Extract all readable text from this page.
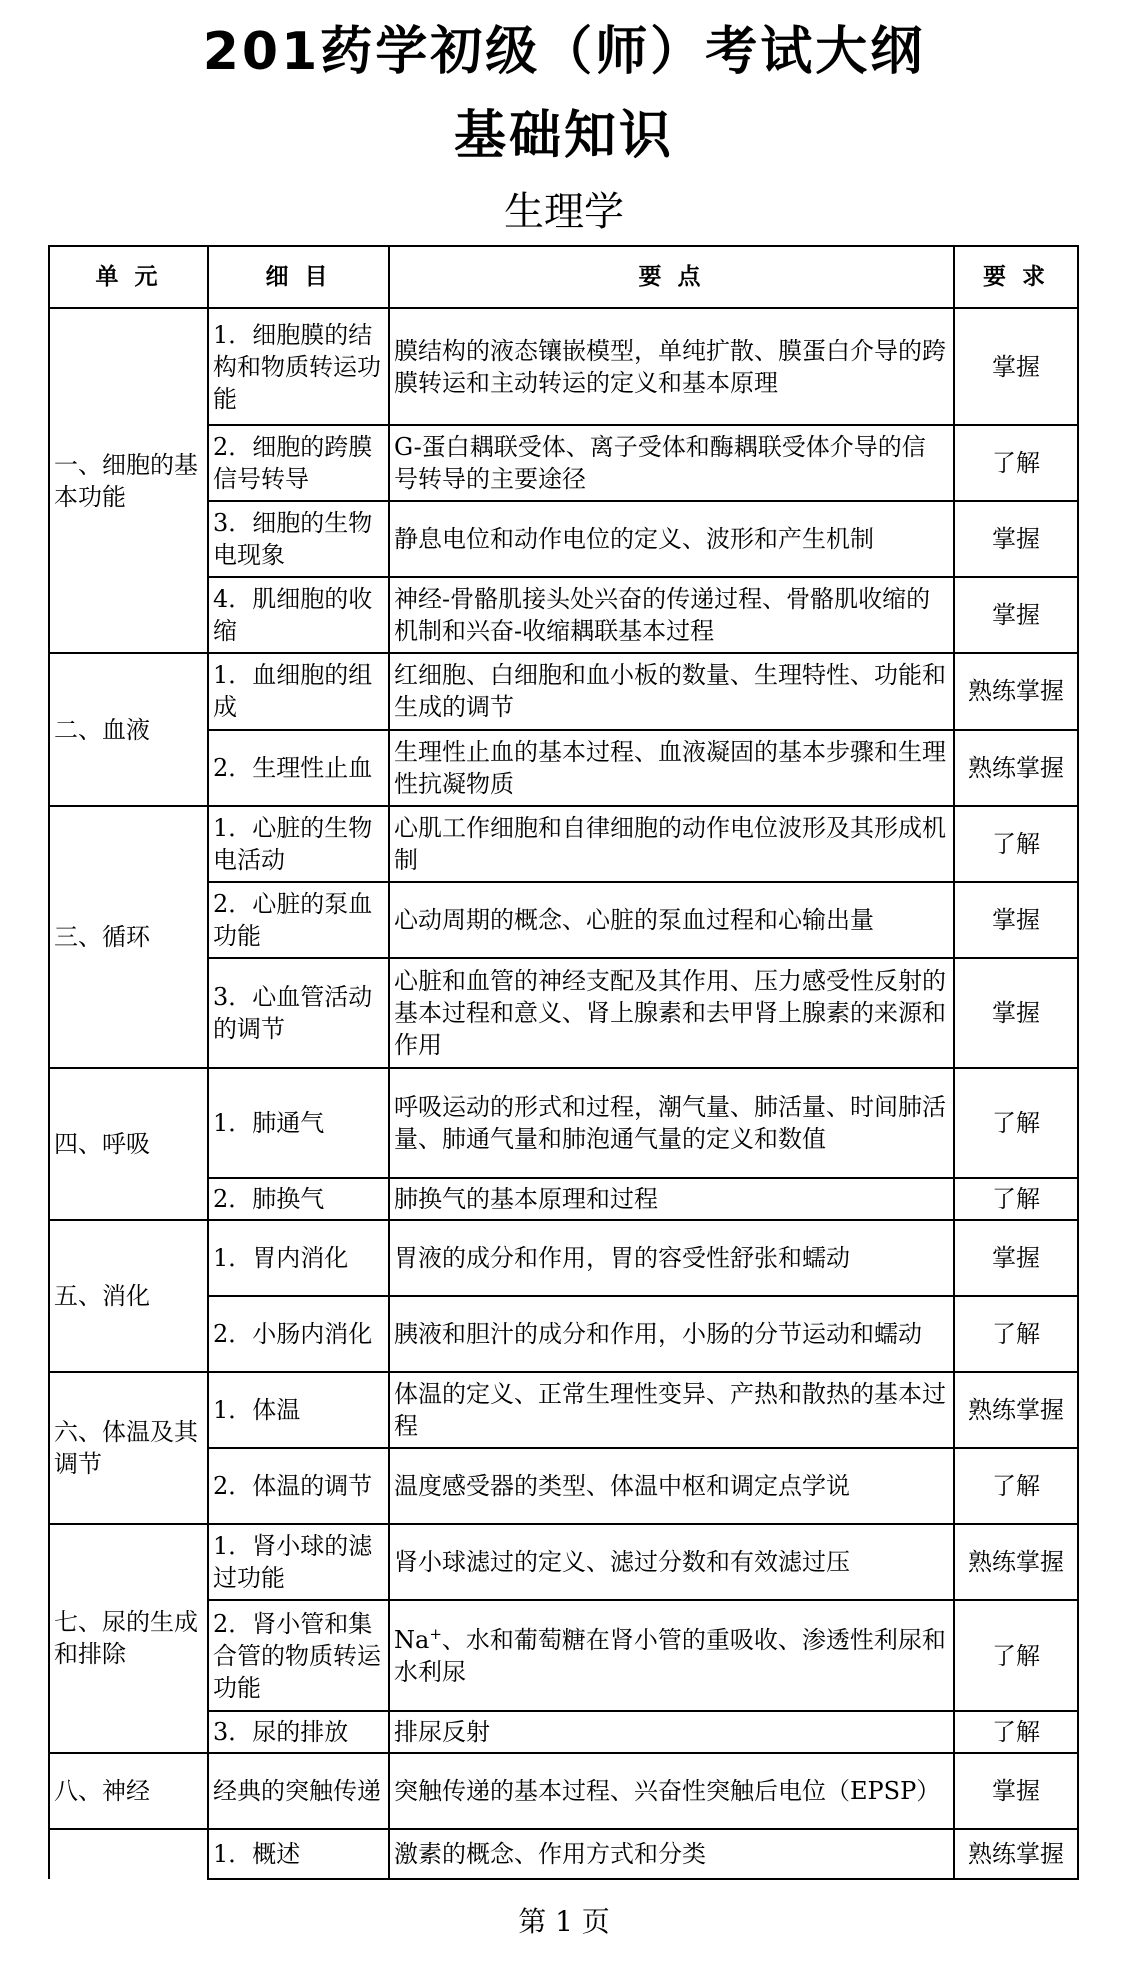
201药学初级（师）考试大纲
基础知识
生理学
单 元	细 目	要 点	要 求
一、细胞的基本功能	1．细胞膜的结构和物质转运功能	膜结构的液态镶嵌模型，单纯扩散、膜蛋白介导的跨膜转运和主动转运的定义和基本原理	掌握
	2．细胞的跨膜信号转导	G-蛋白耦联受体、离子受体和酶耦联受体介导的信号转导的主要途径	了解
	3．细胞的生物电现象	静息电位和动作电位的定义、波形和产生机制	掌握
	4．肌细胞的收缩	神经-骨骼肌接头处兴奋的传递过程、骨骼肌收缩的机制和兴奋-收缩耦联基本过程	掌握
二、血液	1．血细胞的组成	红细胞、白细胞和血小板的数量、生理特性、功能和生成的调节	熟练掌握
	2．生理性止血	生理性止血的基本过程、血液凝固的基本步骤和生理性抗凝物质	熟练掌握
三、循环	1．心脏的生物电活动	心肌工作细胞和自律细胞的动作电位波形及其形成机制	了解
	2．心脏的泵血功能	心动周期的概念、心脏的泵血过程和心输出量	掌握
	3．心血管活动的调节	心脏和血管的神经支配及其作用、压力感受性反射的基本过程和意义、肾上腺素和去甲肾上腺素的来源和作用	掌握
四、呼吸	1．肺通气	呼吸运动的形式和过程，潮气量、肺活量、时间肺活量、肺通气量和肺泡通气量的定义和数值	了解
	2．肺换气	肺换气的基本原理和过程	了解
五、消化	1．胃内消化	胃液的成分和作用，胃的容受性舒张和蠕动	掌握
	2．小肠内消化	胰液和胆汁的成分和作用，小肠的分节运动和蠕动	了解
六、体温及其调节	1．体温	体温的定义、正常生理性变异、产热和散热的基本过程	熟练掌握
	2．体温的调节	温度感受器的类型、体温中枢和调定点学说	了解
七、尿的生成和排除	1．肾小球的滤过功能	肾小球滤过的定义、滤过分数和有效滤过压	熟练掌握
	2．肾小管和集合管的物质转运功能	Na+、水和葡萄糖在肾小管的重吸收、渗透性利尿和水利尿	了解
	3．尿的排放	排尿反射	了解
八、神经	经典的突触传递	突触传递的基本过程、兴奋性突触后电位（EPSP）	掌握
	1．概述	激素的概念、作用方式和分类	熟练掌握
第 1 页
